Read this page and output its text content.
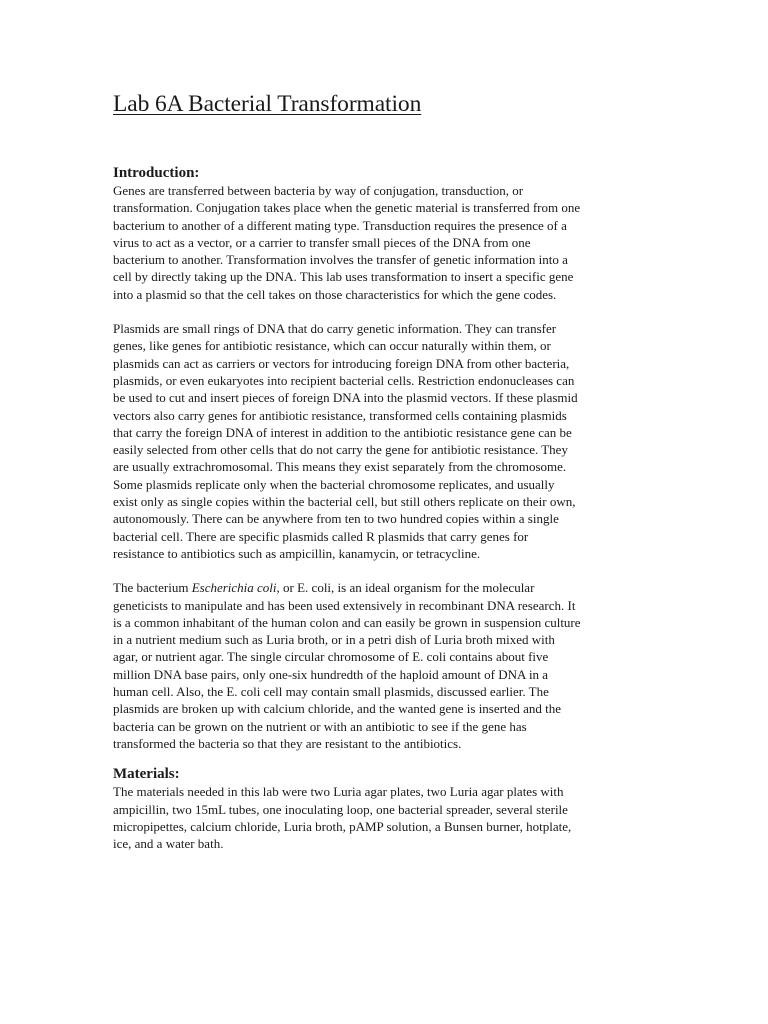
Lab 6A Bacterial Transformation
Introduction:

Genes are transferred between bacteria by way of conjugation, transduction, or
transformation. Conjugation takes place when the genetic material is transferred from one
bacterium to another of a different mating type. Transduction requires the presence of a
virus to act as a vector, or a carrier to transfer small pieces of the DNA from one
bacterium to another. Transformation involves the transfer of genetic information into a
cell by directly taking up the DNA. This lab uses transformation to insert a specific gene
into a plasmid so that the cell takes on those characteristics for which the gene codes.

Plasmids are small rings of DNA that do carry genetic information. They can transfer
genes, like genes for antibiotic resistance, which can occur naturally within them, or
plasmids can act as carriers or vectors for introducing foreign DNA from other bacteria,
plasmids, or even eukaryotes into recipient bacterial cells. Restriction endonucleases can
be used to cut and insert pieces of foreign DNA into the plasmid vectors. If these plasmid
vectors also carry genes for antibiotic resistance, transformed cells containing plasmids
that carry the foreign DNA of interest in addition to the antibiotic resistance gene can be
easily selected from other cells that do not carry the gene for antibiotic resistance. They
are usually extrachromosomal. This means they exist separately from the chromosome.
Some plasmids replicate only when the bacterial chromosome replicates, and usually
exist only as single copies within the bacterial cell, but still others replicate on their own,
autonomously. There can be anywhere from ten to two hundred copies within a single
bacterial cell. There are specific plasmids called R plasmids that carry genes for
resistance to antibiotics such as ampicillin, kanamycin, or tetracycline.

The bacterium Escherichia coli, or E. coli, is an ideal organism for the molecular
geneticists to manipulate and has been used extensively in recombinant DNA research. It
is a common inhabitant of the human colon and can easily be grown in suspension culture
in a nutrient medium such as Luria broth, or in a petri dish of Luria broth mixed with
agar, or nutrient agar. The single circular chromosome of E. coli contains about five
million DNA base pairs, only one-six hundredth of the haploid amount of DNA in a
human cell. Also, the E. coli cell may contain small plasmids, discussed earlier. The
plasmids are broken up with calcium chloride, and the wanted gene is inserted and the
bacteria can be grown on the nutrient or with an antibiotic to see if the gene has
transformed the bacteria so that they are resistant to the antibiotics.

Materials:

The materials needed in this lab were two Luria agar plates, two Luria agar plates with
ampicillin, two 15mL tubes, one inoculating loop, one bacterial spreader, several sterile
micropipettes, calcium chloride, Luria broth, pAMP solution, a Bunsen burner, hotplate,
ice, and a water bath.
